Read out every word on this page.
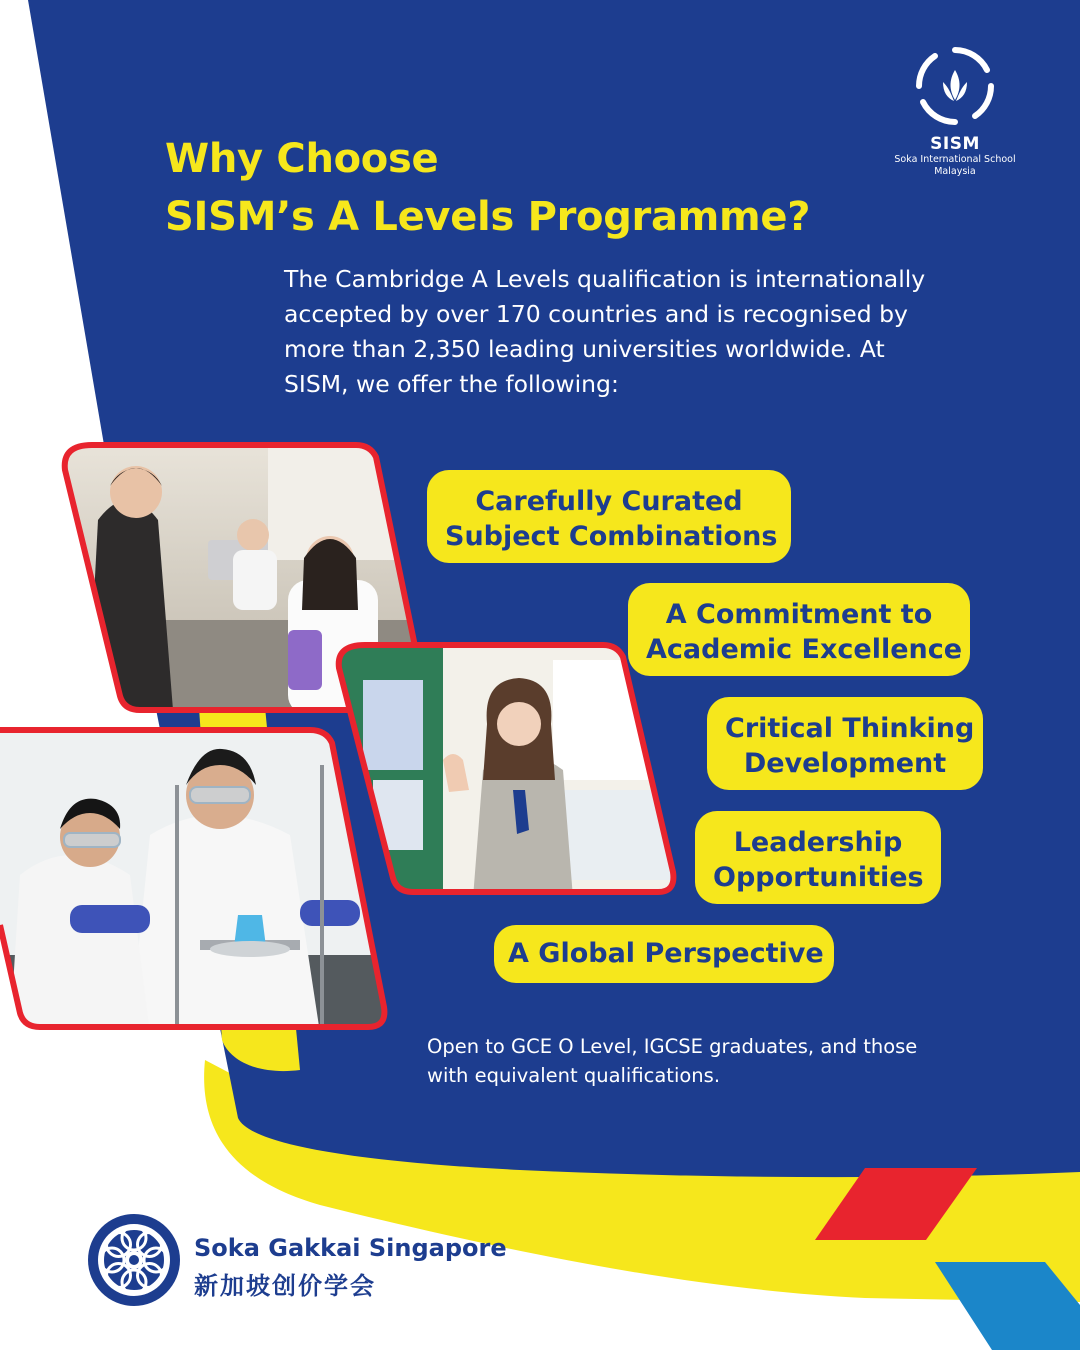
SISM
Soka International School
Malaysia
Why Choose
SISM’s A Levels Programme?

The Cambridge A Levels qualification is internationally accepted by over 170 countries and is recognised by more than 2,350 leading universities worldwide. At SISM, we offer the following:

Carefully Curated
Subject Combinations
A Commitment to
Academic Excellence
Critical Thinking
Development
Leadership
Opportunities
A Global Perspective

Open to GCE O Level, IGCSE graduates, and those with equivalent qualifications.

Soka Gakkai Singapore
新加坡创价学会
